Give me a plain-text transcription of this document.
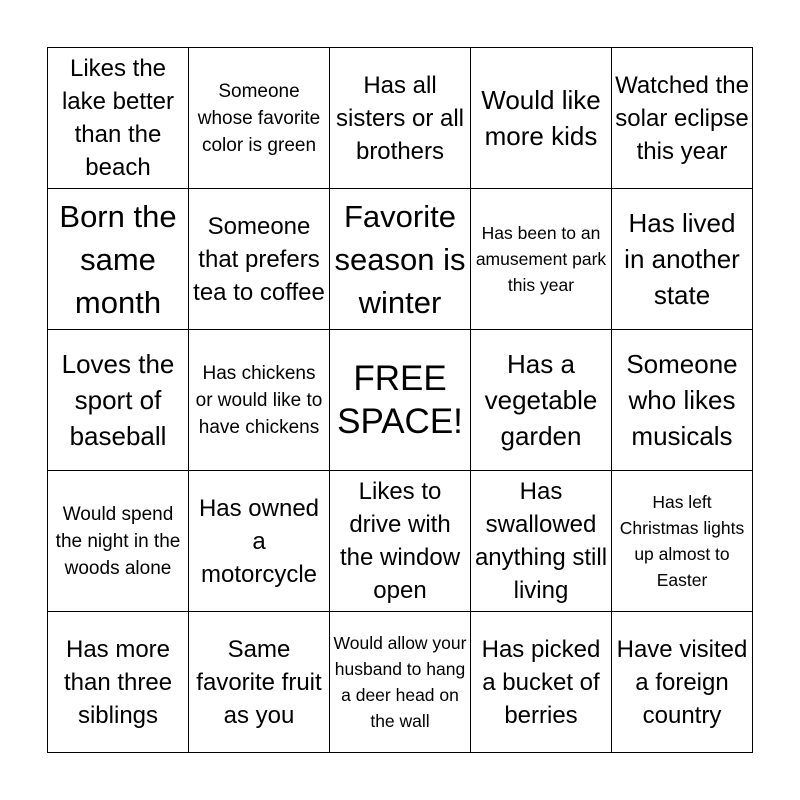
Likes the lake better than the beach
Someone whose favorite color is green
Has all sisters or all brothers
Would like more kids
Watched the solar eclipse this year
Born the same month
Someone that prefers tea to coffee
Favorite season is winter
Has been to an amusement park this year
Has lived in another state
Loves the sport of baseball
Has chickens or would like to have chickens
FREE SPACE!
Has a vegetable garden
Someone who likes musicals
Would spend the night in the woods alone
Has owned a motorcycle
Likes to drive with the window open
Has swallowed anything still living
Has left Christmas lights up almost to Easter
Has more than three siblings
Same favorite fruit as you
Would allow your husband to hang a deer head on the wall
Has picked a bucket of berries
Have visited a foreign country
